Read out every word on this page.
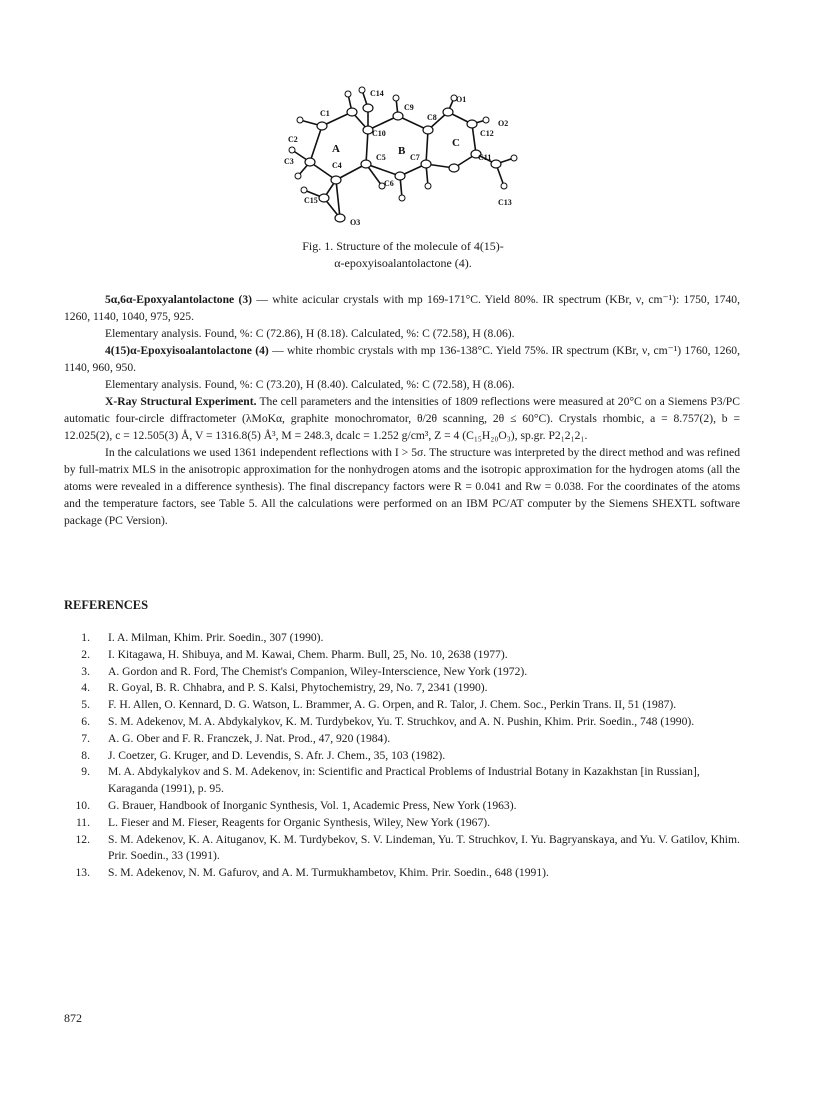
C14
C1
C9
C8
O1
O2
C2
C10	C12
C3	C4
C5	C7	C11
C6
C15	C13
O3
A	B
C
Fig. 1. Structure of the molecule of 4(15)-
α-epoxyisoalantolactone (4).

5α,6α-Epoxyalantolactone (3) — white acicular crystals with mp 169-171°C. Yield 80%. IR spectrum (KBr, ν, cm⁻¹): 1750, 1740, 1260, 1140, 1040, 975, 925.

Elementary analysis. Found, %: C (72.86), H (8.18). Calculated, %: C (72.58), H (8.06).

4(15)α-Epoxyisoalantolactone (4) — white rhombic crystals with mp 136-138°C. Yield 75%. IR spectrum (KBr, ν, cm⁻¹) 1760, 1260, 1140, 960, 950.

Elementary analysis. Found, %: C (73.20), H (8.40). Calculated, %: C (72.58), H (8.06).

X-Ray Structural Experiment. The cell parameters and the intensities of 1809 reflections were measured at 20°C on a Siemens P3/PC automatic four-circle diffractometer (λMoKα, graphite monochromator, θ/2θ scanning, 2θ ≤ 60°C). Crystals rhombic, a = 8.757(2), b = 12.025(2), c = 12.505(3) Å, V = 1316.8(5) Å³, M = 248.3, dcalc = 1.252 g/cm³, Z = 4 (C₁₅H₂₀O₃), sp.gr. P2₁2₁2₁.

In the calculations we used 1361 independent reflections with I > 5σ. The structure was interpreted by the direct method and was refined by full-matrix MLS in the anisotropic approximation for the nonhydrogen atoms and the isotropic approximation for the hydrogen atoms (all the atoms were revealed in a difference synthesis). The final discrepancy factors were R = 0.041 and Rw = 0.038. For the coordinates of the atoms and the temperature factors, see Table 5. All the calculations were performed on an IBM PC/AT computer by the Siemens SHEXTL software package (PC Version).

REFERENCES
1. I. A. Milman, Khim. Prir. Soedin., 307 (1990).
2. I. Kitagawa, H. Shibuya, and M. Kawai, Chem. Pharm. Bull, 25, No. 10, 2638 (1977).
3. A. Gordon and R. Ford, The Chemist's Companion, Wiley-Interscience, New York (1972).
4. R. Goyal, B. R. Chhabra, and P. S. Kalsi, Phytochemistry, 29, No. 7, 2341 (1990).
5. F. H. Allen, O. Kennard, D. G. Watson, L. Brammer, A. G. Orpen, and R. Talor, J. Chem. Soc., Perkin Trans. II, 51 (1987).
6. S. M. Adekenov, M. A. Abdykalykov, K. M. Turdybekov, Yu. T. Struchkov, and A. N. Pushin, Khim. Prir. Soedin., 748 (1990).
7. A. G. Ober and F. R. Franczek, J. Nat. Prod., 47, 920 (1984).
8. J. Coetzer, G. Kruger, and D. Levendis, S. Afr. J. Chem., 35, 103 (1982).
9. M. A. Abdykalykov and S. M. Adekenov, in: Scientific and Practical Problems of Industrial Botany in Kazakhstan [in Russian], Karaganda (1991), p. 95.
10. G. Brauer, Handbook of Inorganic Synthesis, Vol. 1, Academic Press, New York (1963).
11. L. Fieser and M. Fieser, Reagents for Organic Synthesis, Wiley, New York (1967).
12. S. M. Adekenov, K. A. Aituganov, K. M. Turdybekov, S. V. Lindeman, Yu. T. Struchkov, I. Yu. Bagryanskaya, and Yu. V. Gatilov, Khim. Prir. Soedin., 33 (1991).
13. S. M. Adekenov, N. M. Gafurov, and A. M. Turmukhambetov, Khim. Prir. Soedin., 648 (1991).
872
